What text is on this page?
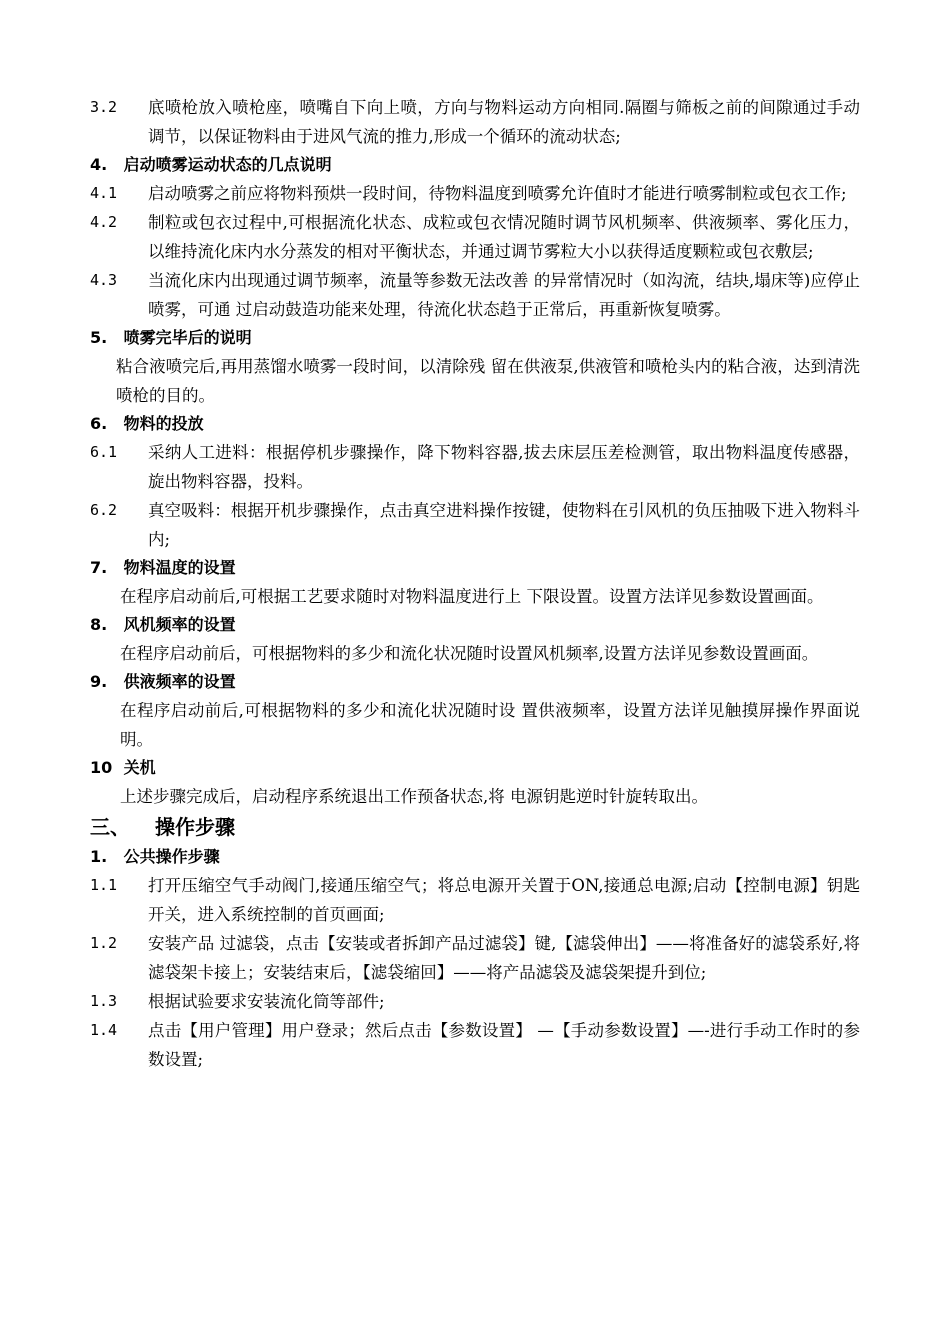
3.2	底喷枪放入喷枪座，喷嘴自下向上喷，方向与物料运动方向相同.隔圈与筛板之前的间隙通过手动调节，以保证物料由于进风气流的推力,形成一个循环的流动状态;
4. 启动喷雾运动状态的几点说明
4.1	启动喷雾之前应将物料预烘一段时间，待物料温度到喷雾允许值时才能进行喷雾制粒或包衣工作;
4.2	制粒或包衣过程中,可根据流化状态、成粒或包衣情况随时调节风机频率、供液频率、雾化压力，以维持流化床内水分蒸发的相对平衡状态，并通过调节雾粒大小以获得适度颗粒或包衣敷层;
4.3	当流化床内出现通过调节频率，流量等参数无法改善 的异常情况时（如沟流，结块,塌床等)应停止喷雾，可通 过启动鼓造功能来处理，待流化状态趋于正常后，再重新恢复喷雾。
5. 喷雾完毕后的说明
粘合液喷完后,再用蒸馏水喷雾一段时间，以清除残 留在供液泵,供液管和喷枪头内的粘合液，达到清洗喷枪的目的。
6. 物料的投放
6.1	采纳人工进料：根据停机步骤操作，降下物料容器,拔去床层压差检测管，取出物料温度传感器，旋出物料容器，投料。
6.2	真空吸料：根据开机步骤操作，点击真空进料操作按键，使物料在引风机的负压抽吸下进入物料斗内;
7. 物料温度的设置
在程序启动前后,可根据工艺要求随时对物料温度进行上 下限设置。设置方法详见参数设置画面。
8. 风机频率的设置
在程序启动前后，可根据物料的多少和流化状况随时设置风机频率,设置方法详见参数设置画面。
9. 供液频率的设置
在程序启动前后,可根据物料的多少和流化状况随时设 置供液频率，设置方法详见触摸屏操作界面说明。
10 关机
上述步骤完成后，启动程序系统退出工作预备状态,将 电源钥匙逆时针旋转取出。
三、 操作步骤
1. 公共操作步骤
1.1	打开压缩空气手动阀门,接通压缩空气；将总电源开关置于ON,接通总电源;启动【控制电源】钥匙开关，进入系统控制的首页画面;
1.2	安装产品 过滤袋，点击【安装或者拆卸产品过滤袋】键,【滤袋伸出】——将准备好的滤袋系好,将滤袋架卡接上；安装结束后，【滤袋缩回】——将产品滤袋及滤袋架提升到位;
1.3	根据试验要求安装流化筒等部件;
1.4	点击【用户管理】用户登录；然后点击【参数设置】 —【手动参数设置】—-进行手动工作时的参数设置;
